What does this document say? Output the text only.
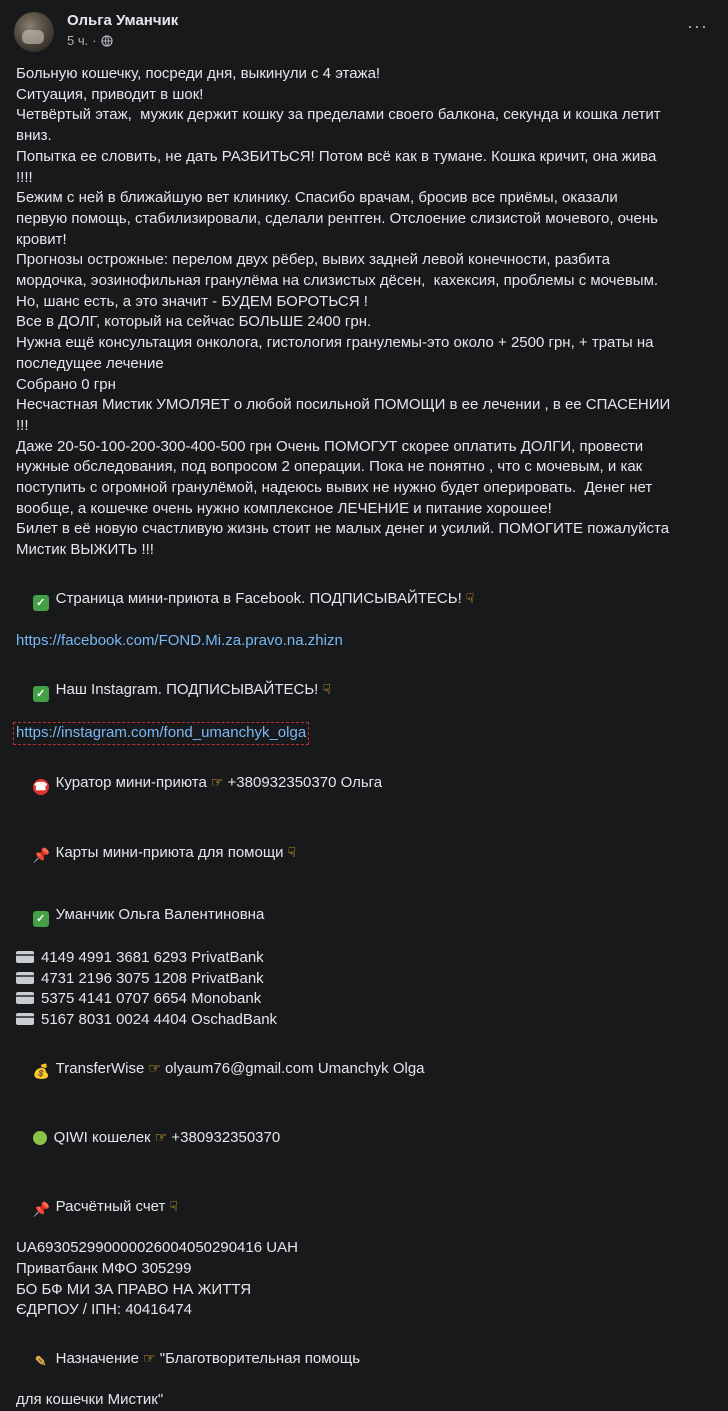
Ольга Уманчик
5 ч. ·
···
Больную кошечку, посреди дня, выкинули с 4 этажа!
Ситуация, приводит в шок!
Четвёртый этаж,  мужик держит кошку за пределами своего балкона, секунда и кошка летит
вниз.
Попытка ее словить, не дать РАЗБИТЬСЯ! Потом всё как в тумане. Кошка кричит, она жива
!!!!
Бежим с ней в ближайшую вет клинику. Спасибо врачам, бросив все приёмы, оказали
первую помощь, стабилизировали, сделали рентген. Отслоение слизистой мочевого, очень
кровит!
Прогнозы острожные: перелом двух рёбер, вывих задней левой конечности, разбита
мордочка, эозинофильная гранулёма на слизистых дёсен,  кахексия, проблемы с мочевым.
Но, шанс есть, а это значит - БУДЕМ БОРОТЬСЯ !
Все в ДОЛГ, который на сейчас БОЛЬШЕ 2400 грн.
Нужна ещё консультация онколога, гистология гранулемы-это около + 2500 грн, + траты на
последущее лечение
Собрано 0 грн
Несчастная Мистик УМОЛЯЕТ о любой посильной ПОМОЩИ в ее лечении , в ее СПАСЕНИИ
!!!
Даже 20-50-100-200-300-400-500 грн Очень ПОМОГУТ скорее оплатить ДОЛГИ, провести
нужные обследования, под вопросом 2 операции. Пока не понятно , что с мочевым, и как
поступить с огромной гранулёмой, надеюсь вывих не нужно будет оперировать.  Денег нет
вообще, а кошечке очень нужно комплексное ЛЕЧЕНИЕ и питание хорошее!
Билет в её новую счастливую жизнь стоит не малых денег и усилий. ПОМОГИТЕ пожалуйста
Мистик ВЫЖИТЬ !!!

✓ Страница мини-приюта в Facebook. ПОДПИСЫВАЙТЕСЬ! ☟

https://facebook.com/FOND.Mi.za.pravo.na.zhizn

✓ Наш Instagram. ПОДПИСЫВАЙТЕСЬ! ☟

https://instagram.com/fond_umanchyk_olga

☎ Куратор мини-приюта ☞ +380932350370 Ольга

📌 Карты мини-приюта для помощи ☟

✓ Уманчик Ольга Валентиновна

4149 4991 3681 6293 PrivatBank
4731 2196 3075 1208 PrivatBank
5375 4141 0707 6654 Monobank
5167 8031 0024 4404 OschadBank

💰 TransferWise ☞ olyaum76@gmail.com Umanchyk Olga

QIWI кошелек ☞ +380932350370

📌 Расчётный счет ☟

UA693052990000026004050290416 UAH
Приватбанк МФО 305299
БО БФ МИ ЗА ПРАВО НА ЖИТТЯ
ЄДРПОУ / ІПН: 40416474

✎ Назначение ☞ "Благотворительная помощь

для кошечки Мистик"
